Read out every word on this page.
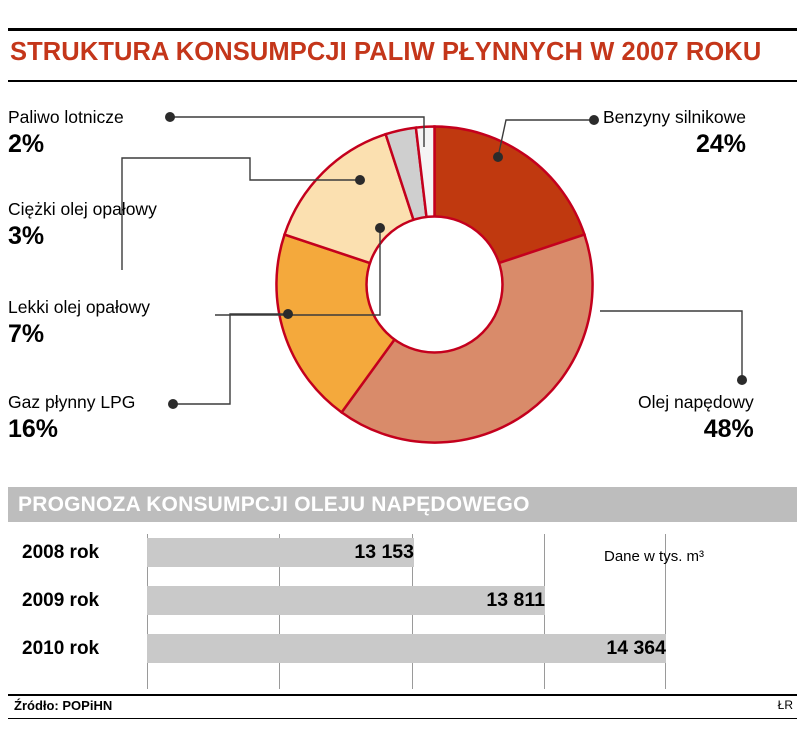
STRUKTURA KONSUMPCJI PALIW PŁYNNYCH W 2007 ROKU
Benzyny silnikowe
24%
Olej napędowy
48%
Paliwo lotnicze
2%
Ciężki olej opałowy
3%
Lekki olej opałowy
7%
Gaz płynny LPG
16%
PROGNOZA KONSUMPCJI OLEJU NAPĘDOWEGO
2008 rok	13 153
2009 rok	13 811
2010 rok	14 364
Dane w tys. m³
Źródło: POPiHN	ŁR
